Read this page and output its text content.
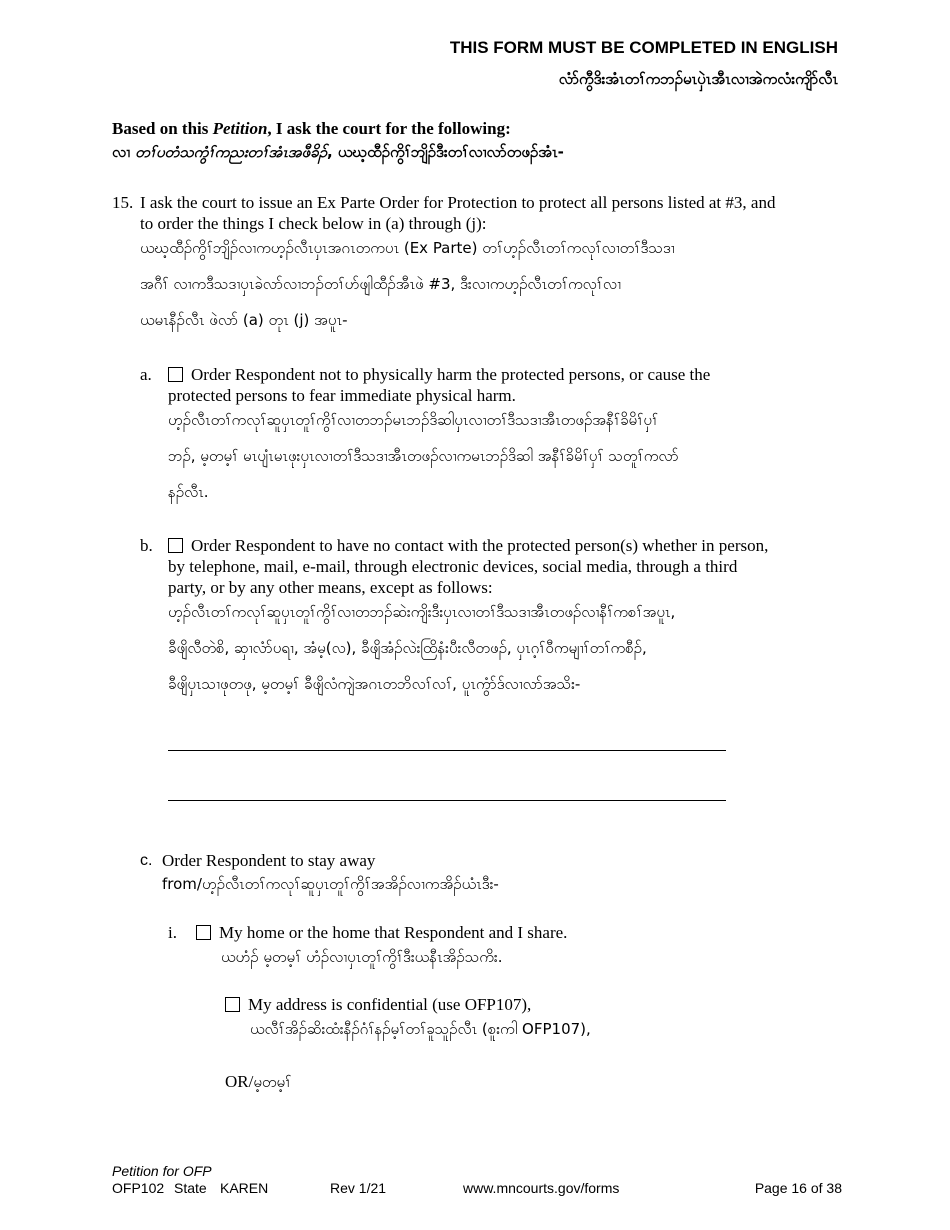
THIS FORM MUST BE COMPLETED IN ENGLISH
လံာ်ကွီဒိးအံၤတၢ်ကဘၣ်မၤပှဲၤအီၤလၢအဲကလံးကျိာ်လီၤ
Based on this Petition, I ask the court for the following:
လၢ တၢ်ပတံသကွံၢ်ကညးတၢ်အံၤအဖီခိၣ်, ယဃ့ထီၣ်ကွိၢ်ဘျိၣ်ဒီးတၢ်လၢလာ်တဖၣ်အံၤ-
15. I ask the court to issue an Ex Parte Order for Protection to protect all persons listed at #3, and
to order the things I check below in (a) through (j):
ယဃ့ထီၣ်ကွိၢ်ဘျိၣ်လၢကဟ့ၣ်လီၤပှၤအဂၤတကပၤ (Ex Parte) တၢ်ဟ့ၣ်လီၤတၢ်ကလုၢ်လၢတၢ်ဒီသဒၢ
အဂီၢ် လၢကဒီသဒၢပှၤခဲလာ်လၢဘၣ်တၢ်ဟ်ဖျါထီၣ်အီၤဖဲ #3, ဒီးလၢကဟ့ၣ်လီၤတၢ်ကလုၢ်လၢ
ယမၤနီၣ်လီၤ ဖဲလာ် (a) တုၤ (j) အပူၤ-
a.	Order Respondent not to physically harm the protected persons, or cause the
protected persons to fear immediate physical harm.
ဟ့ၣ်လီၤတၢ်ကလုၢ်ဆူပှၤတူၢ်ကွိၢ်လၢတဘၣ်မၤဘၣ်ဒိဆါပှၤလၢတၢ်ဒီသဒၢအီၤတဖၣ်အနီၢ်ခိမိၢ်ပှၢ်
ဘၣ်, မ့တမ့ၢ် မၤပျံၤမၤဖုးပှၤလၢတၢ်ဒီသဒၢအီၤတဖၣ်လၢကမၤဘၣ်ဒိဆါ အနီၢ်ခိမိၢ်ပှၢ် သတူၢ်ကလာ်
နၣ်လီၤ.
b.	Order Respondent to have no contact with the protected person(s) whether in person,
by telephone, mail, e-mail, through electronic devices, social media, through a third
party, or by any other means, except as follows:
ဟ့ၣ်လီၤတၢ်ကလုၢ်ဆူပှၤတူၢ်ကွိၢ်လၢတဘၣ်ဆဲးကျိးဒီးပှၤလၢတၢ်ဒီသဒၢအီၤတဖၣ်လၢနီၢ်ကစၢ်အပူၤ,
ခီဖျိလီတဲစိ, ဆှၢလံာ်ပရၢ, အံမ့(လ), ခီဖျိအံၣ်လဲးထြိနံးပီးလီတဖၣ်, ပှၤဂ့ၢ်ဝီကမျၢၢ်တၢ်ကစီၣ်,
ခီဖျိပှၤသၢဖုတဖု, မ့တမ့ၢ် ခီဖျိလံကျဲအဂၤတဘိလၢ်လၢ်, ပူၤကွံာ်ဒ်လၢလာ်အသိး-
c. Order Respondent to stay away
from/ဟ့ၣ်လီၤတၢ်ကလုၢ်ဆူပှၤတူၢ်ကွိၢ်အအိၣ်လၢကအိၣ်ယံၤဒီး-
i.	My home or the home that Respondent and I share.
ယဟံၣ် မ့တမ့ၢ် ဟံၣ်လၢပှၤတူၢ်ကွိၢ်ဒီးယနီၤအိၣ်သကိး.
My address is confidential (use OFP107),
ယလီၢ်အိၣ်ဆိးထံးနီၣ်ဂံၢ်နၣ်မ့ၢ်တၢ်ခူသူၣ်လီၤ (စူးကါ OFP107),
OR/မ့တမ့ၢ်
Petition for OFP
OFP102 State KAREN	Rev 1/21	www.mncourts.gov/forms	Page 16 of 38
